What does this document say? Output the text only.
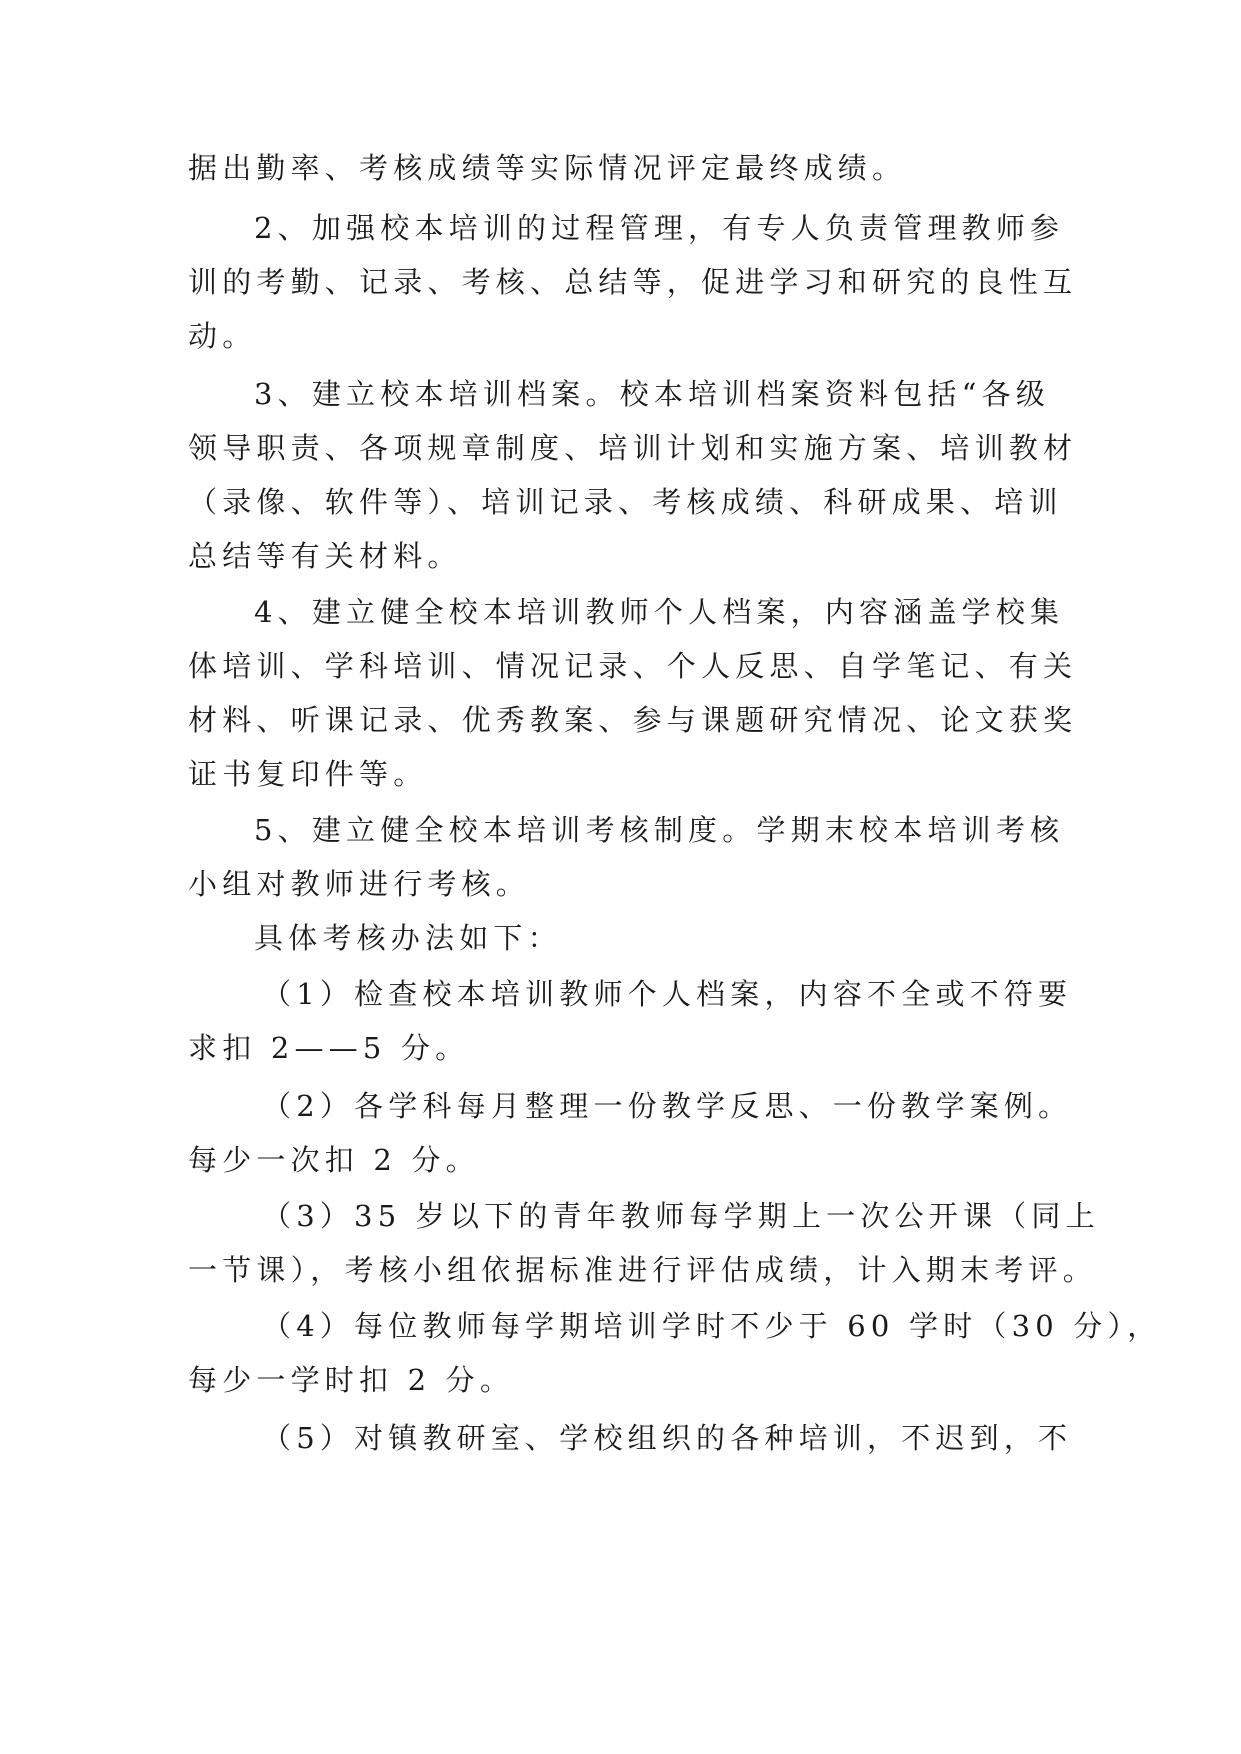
据出勤率、考核成绩等实际情况评定最终成绩。
2、加强校本培训的过程管理，有专人负责管理教师参
训的考勤、记录、考核、总结等，促进学习和研究的良性互
动。
3、建立校本培训档案。校本培训档案资料包括“各级
领导职责、各项规章制度、培训计划和实施方案、培训教材
（录像、软件等）、培训记录、考核成绩、科研成果、培训
总结等有关材料。
4、建立健全校本培训教师个人档案，内容涵盖学校集
体培训、学科培训、情况记录、个人反思、自学笔记、有关
材料、听课记录、优秀教案、参与课题研究情况、论文获奖
证书复印件等。
5、建立健全校本培训考核制度。学期末校本培训考核
小组对教师进行考核。
具体考核办法如下：
（1）检查校本培训教师个人档案，内容不全或不符要
求扣 2——5 分。
（2）各学科每月整理一份教学反思、一份教学案例。
每少一次扣 2 分。
（3）35 岁以下的青年教师每学期上一次公开课（同上
一节课），考核小组依据标准进行评估成绩，计入期末考评。
（4）每位教师每学期培训学时不少于 60 学时（30 分），
每少一学时扣 2 分。
（5）对镇教研室、学校组织的各种培训，不迟到，不
